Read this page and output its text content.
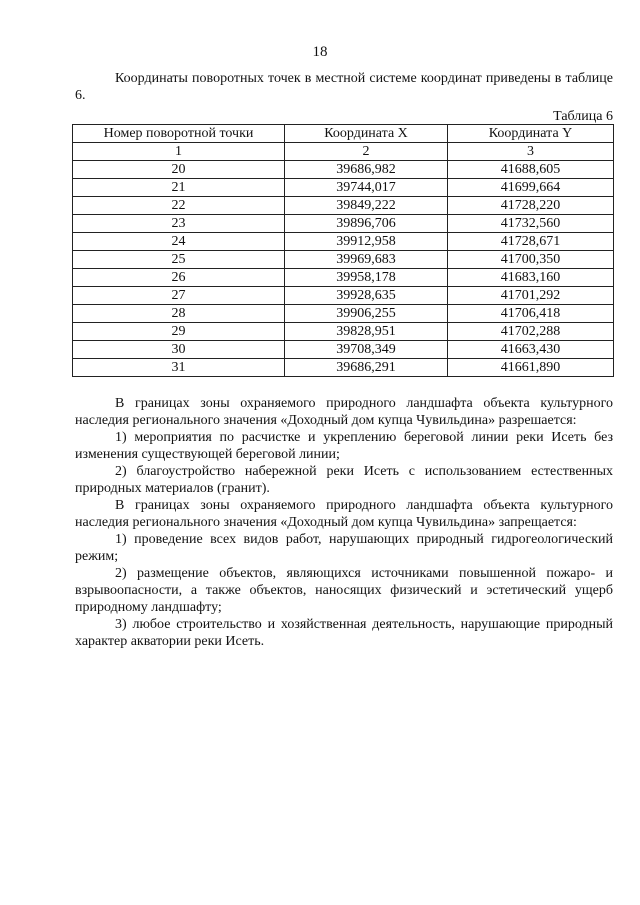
18

Координаты поворотных точек в местной системе координат приведены в таблице 6.

Таблица 6

Номер поворотной точки	Координата X	Координата Y
1	2	3
20	39686,982	41688,605
21	39744,017	41699,664
22	39849,222	41728,220
23	39896,706	41732,560
24	39912,958	41728,671
25	39969,683	41700,350
26	39958,178	41683,160
27	39928,635	41701,292
28	39906,255	41706,418
29	39828,951	41702,288
30	39708,349	41663,430
31	39686,291	41661,890

В границах зоны охраняемого природного ландшафта объекта культурного наследия регионального значения «Доходный дом купца Чувильдина» разрешается:

1) мероприятия по расчистке и укреплению береговой линии реки Исеть без изменения существующей береговой линии;

2) благоустройство набережной реки Исеть с использованием естественных природных материалов (гранит).

В границах зоны охраняемого природного ландшафта объекта культурного наследия регионального значения «Доходный дом купца Чувильдина» запрещается:

1) проведение всех видов работ, нарушающих природный гидрогеологический режим;

2) размещение объектов, являющихся источниками повышенной пожаро- и взрывоопасности, а также объектов, наносящих физический и эстетический ущерб природному ландшафту;

3) любое строительство и хозяйственная деятельность, нарушающие природный характер акватории реки Исеть.
